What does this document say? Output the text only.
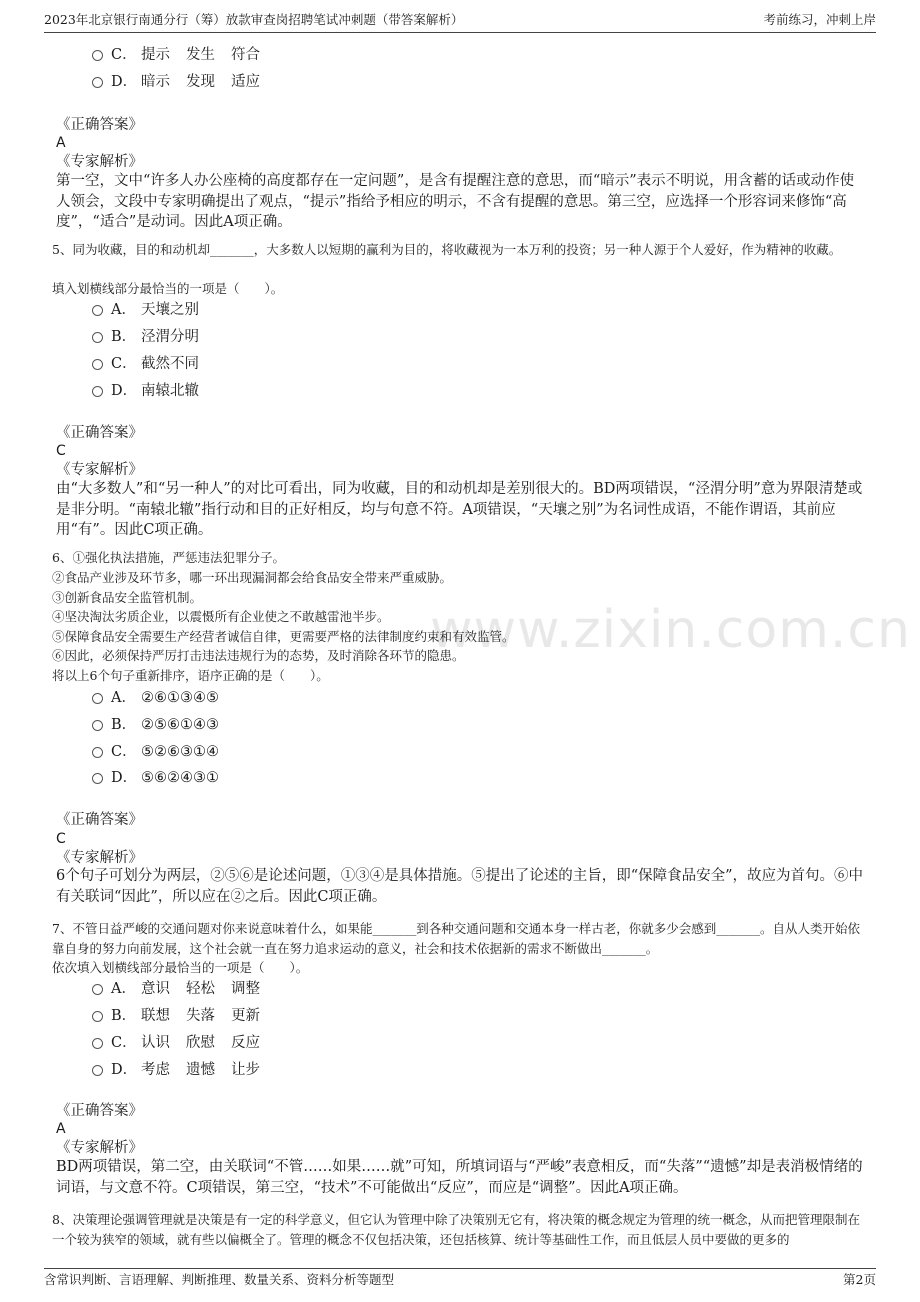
2023年北京银行南通分行（筹）放款审查岗招聘笔试冲刺题（带答案解析）	考前练习，冲刺上岸
www.zixin.com.cn
C． 提示 发生 符合
D． 暗示 发现 适应
《正确答案》
A
《专家解析》
第一空，文中“许多人办公座椅的高度都存在一定问题”，是含有提醒注意的意思，而“暗示”表示不明说，用含蓄的话或动作使人领会，文段中专家明确提出了观点，“提示”指给予相应的明示，不含有提醒的意思。第三空，应选择一个形容词来修饰“高度”，“适合”是动词。因此A项正确。
5、同为收藏，目的和动机却_______，大多数人以短期的赢利为目的，将收藏视为一本万利的投资；另一种人源于个人爱好，作为精神的收藏。
填入划横线部分最恰当的一项是（　　）。
A． 天壤之别
B． 泾渭分明
C． 截然不同
D． 南辕北辙
《正确答案》
C
《专家解析》
由“大多数人”和“另一种人”的对比可看出，同为收藏，目的和动机却是差别很大的。BD两项错误，“泾渭分明”意为界限清楚或是非分明。“南辕北辙”指行动和目的正好相反，均与句意不符。A项错误，“天壤之别”为名词性成语，不能作谓语，其前应用“有”。因此C项正确。
6、①强化执法措施，严惩违法犯罪分子。
②食品产业涉及环节多，哪一环出现漏洞都会给食品安全带来严重威胁。
③创新食品安全监管机制。
④坚决淘汰劣质企业，以震慑所有企业使之不敢越雷池半步。
⑤保障食品安全需要生产经营者诚信自律，更需要严格的法律制度约束和有效监管。
⑥因此，必须保持严厉打击违法违规行为的态势，及时消除各环节的隐患。
将以上6个句子重新排序，语序正确的是（　　）。
A． ②⑥①③④⑤
B． ②⑤⑥①④③
C． ⑤②⑥③①④
D． ⑤⑥②④③①
《正确答案》
C
《专家解析》
6个句子可划分为两层，②⑤⑥是论述问题，①③④是具体措施。⑤提出了论述的主旨，即“保障食品安全”，故应为首句。⑥中有关联词“因此”，所以应在②之后。因此C项正确。
7、不管日益严峻的交通问题对你来说意味着什么，如果能_______到各种交通问题和交通本身一样古老，你就多少会感到_______。自从人类开始依靠自身的努力向前发展，这个社会就一直在努力追求运动的意义，社会和技术依据新的需求不断做出_______。
依次填入划横线部分最恰当的一项是（　　）。
A． 意识 轻松 调整
B． 联想 失落 更新
C． 认识 欣慰 反应
D． 考虑 遗憾 让步
《正确答案》
A
《专家解析》
BD两项错误，第二空，由关联词“不管……如果……就”可知，所填词语与“严峻”表意相反，而“失落”“遗憾”却是表消极情绪的词语，与文意不符。C项错误，第三空，“技术”不可能做出“反应”，而应是“调整”。因此A项正确。
8、决策理论强调管理就是决策是有一定的科学意义，但它认为管理中除了决策别无它有，将决策的概念规定为管理的统一概念，从而把管理限制在一个较为狭窄的领域，就有些以偏概全了。管理的概念不仅包括决策，还包括核算、统计等基础性工作，而且低层人员中要做的更多的
含常识判断、言语理解、判断推理、数量关系、资料分析等题型	第2页
